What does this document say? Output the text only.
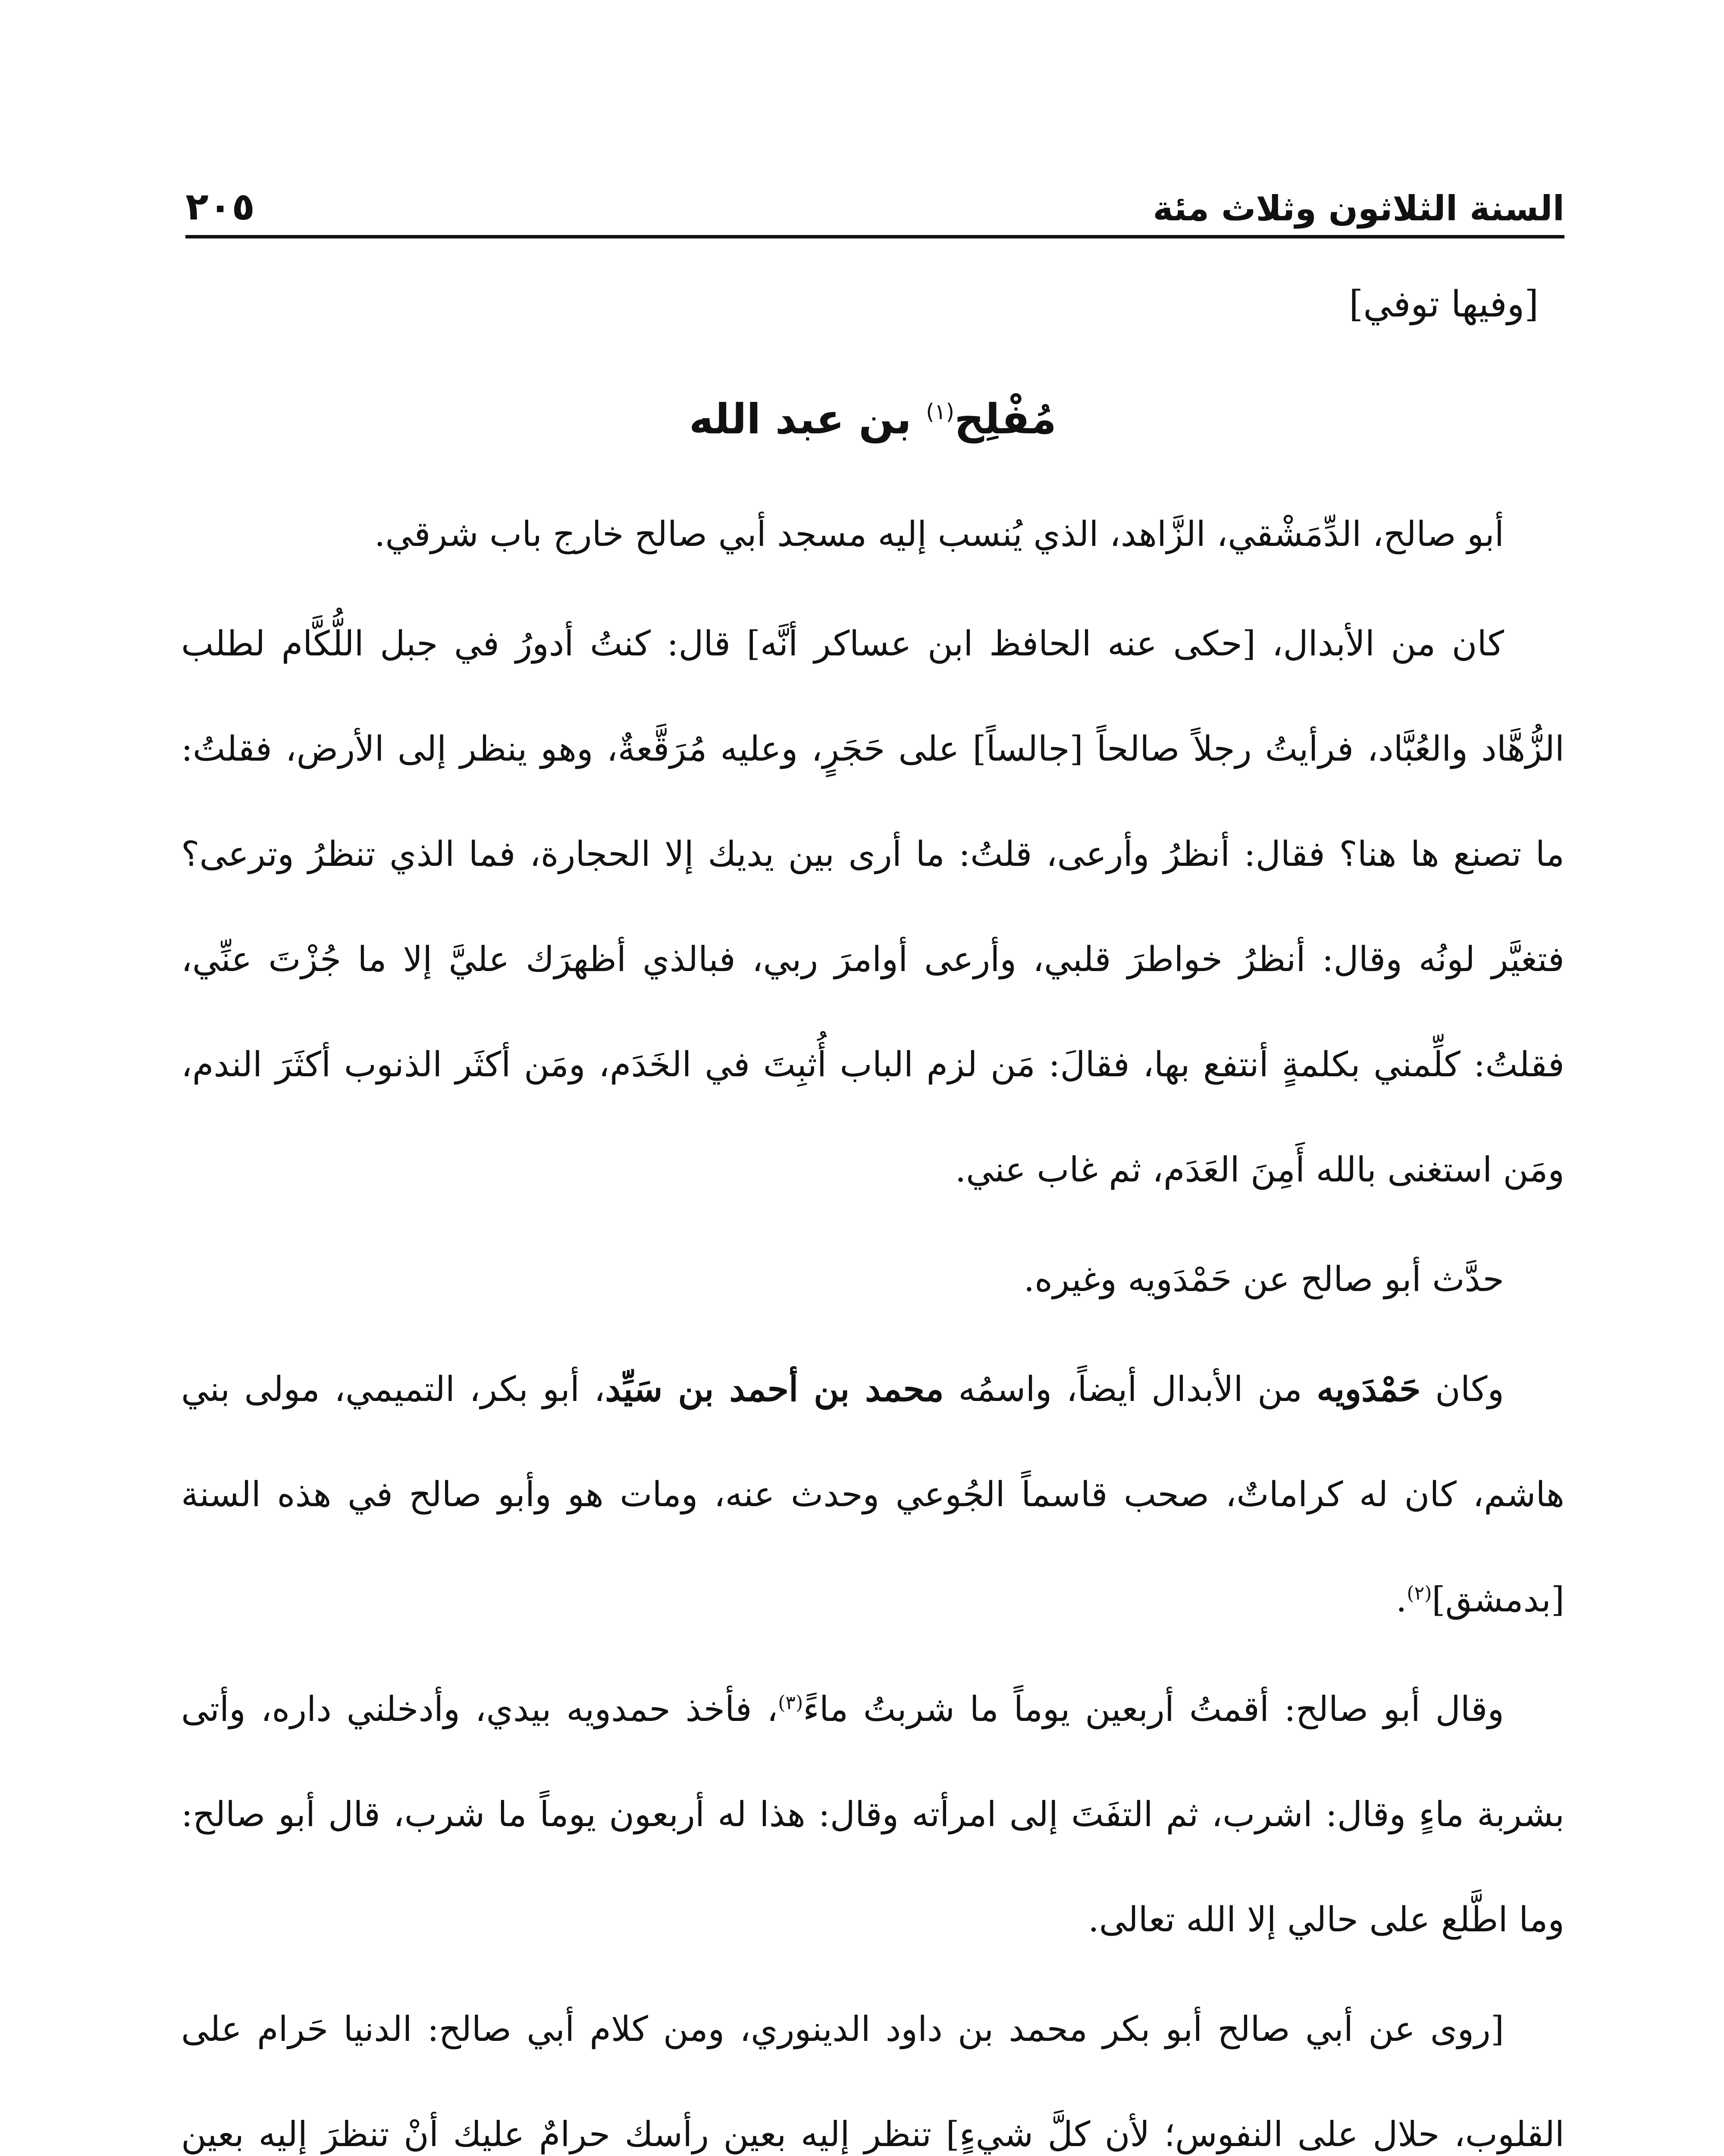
السنة الثلاثون وثلاث مئة
٢٠٥

[وفيها توفي]

مُفْلِح$^{(١)}$ بن عبد الله

أبو صالح، الدِّمَشْقي، الزَّاهد، الذي يُنسب إليه مسجد أبي صالح خارج باب شرقي.

كان من الأبدال، [حكى عنه الحافظ ابن عساكر أنَّه] قال: كنتُ أدورُ في جبل اللُّكَّام لطلب الزُّهَّاد والعُبَّاد، فرأيتُ رجلاً صالحاً [جالساً] على حَجَرٍ، وعليه مُرَقَّعةٌ، وهو ينظر إلى الأرض، فقلتُ: ما تصنع ها هنا؟ فقال: أنظرُ وأرعى، قلتُ: ما أرى بين يديك إلا الحجارة، فما الذي تنظرُ وترعى؟ فتغيَّر لونُه وقال: أنظرُ خواطرَ قلبي، وأرعى أوامرَ ربي، فبالذي أظهرَك عليَّ إلا ما جُزْتَ عنِّي، فقلتُ: كلِّمني بكلمةٍ أنتفع بها، فقالَ: مَن لزم الباب أُثبِتَ في الخَدَم، ومَن أكثَر الذنوب أكثَرَ الندم، ومَن استغنى بالله أَمِنَ العَدَم، ثم غاب عني.

حدَّث أبو صالح عن حَمْدَويه وغيره.

وكان حَمْدَويه من الأبدال أيضاً، واسمُه محمد بن أحمد بن سَيِّد، أبو بكر، التميمي، مولى بني هاشم، كان له كراماتٌ، صحب قاسماً الجُوعي وحدث عنه، ومات هو وأبو صالح في هذه السنة [بدمشق]$^{(٢)}$.

وقال أبو صالح: أقمتُ أربعين يوماً ما شربتُ ماءً$^{(٣)}$، فأخذ حمدويه بيدي، وأدخلني داره، وأتى بشربة ماءٍ وقال: اشرب، ثم التفَتَ إلى امرأته وقال: هذا له أربعون يوماً ما شرب، قال أبو صالح: وما اطَّلع على حالي إلا الله تعالى.

[روى عن أبي صالح أبو بكر محمد بن داود الدينوري، ومن كلام أبي صالح: الدنيا حَرام على القلوب، حلال على النفوس؛ لأن كلَّ شيءٍ] تنظر إليه بعين رأسك حرامٌ عليك أنْ تنظرَ إليه بعين
